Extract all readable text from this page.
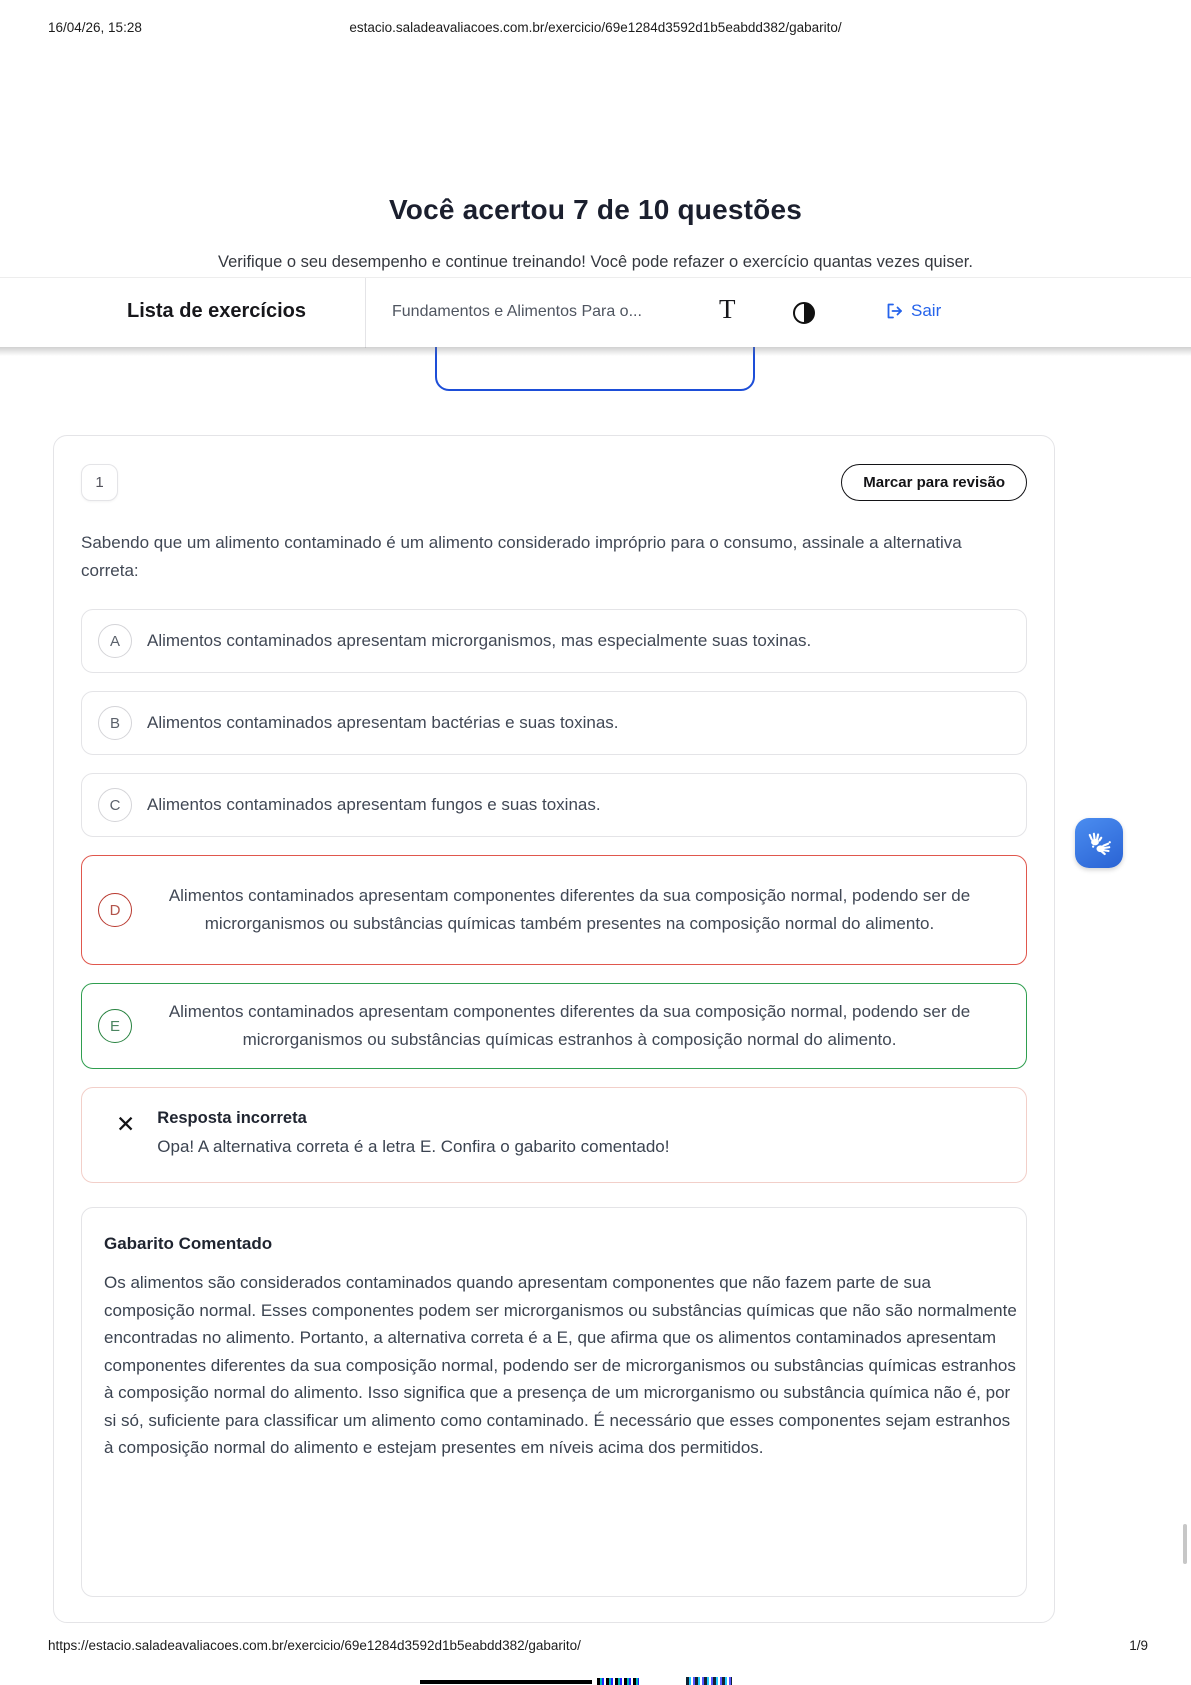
16/04/26, 15:28	estacio.saladeavaliacoes.com.br/exercicio/69e1284d3592d1b5eabdd382/gabarito/
Você acertou 7 de 10 questões

Verifique o seu desempenho e continue treinando! Você pode refazer o exercício quantas vezes quiser.

Lista de exercícios	Fundamentos e Alimentos Para o...	T	Sair
1	Marcar para revisão

Sabendo que um alimento contaminado é um alimento considerado impróprio para o consumo, assinale a alternativa correta:

A	Alimentos contaminados apresentam microrganismos, mas especialmente suas toxinas.
B	Alimentos contaminados apresentam bactérias e suas toxinas.
C	Alimentos contaminados apresentam fungos e suas toxinas.
D
Alimentos contaminados apresentam componentes diferentes da sua composição normal, podendo ser de microrganismos ou substâncias químicas também presentes na composição normal do alimento.
E
Alimentos contaminados apresentam componentes diferentes da sua composição normal, podendo ser de microrganismos ou substâncias químicas estranhos à composição normal do alimento.
✕ Resposta incorreta
Opa! A alternativa correta é a letra E. Confira o gabarito comentado!
Gabarito Comentado
Os alimentos são considerados contaminados quando apresentam componentes que não fazem parte de sua composição normal. Esses componentes podem ser microrganismos ou substâncias químicas que não são normalmente encontradas no alimento. Portanto, a alternativa correta é a E, que afirma que os alimentos contaminados apresentam componentes diferentes da sua composição normal, podendo ser de microrganismos ou substâncias químicas estranhos à composição normal do alimento. Isso significa que a presença de um microrganismo ou substância química não é, por si só, suficiente para classificar um alimento como contaminado. É necessário que esses componentes sejam estranhos à composição normal do alimento e estejam presentes em níveis acima dos permitidos.
https://estacio.saladeavaliacoes.com.br/exercicio/69e1284d3592d1b5eabdd382/gabarito/	1/9
